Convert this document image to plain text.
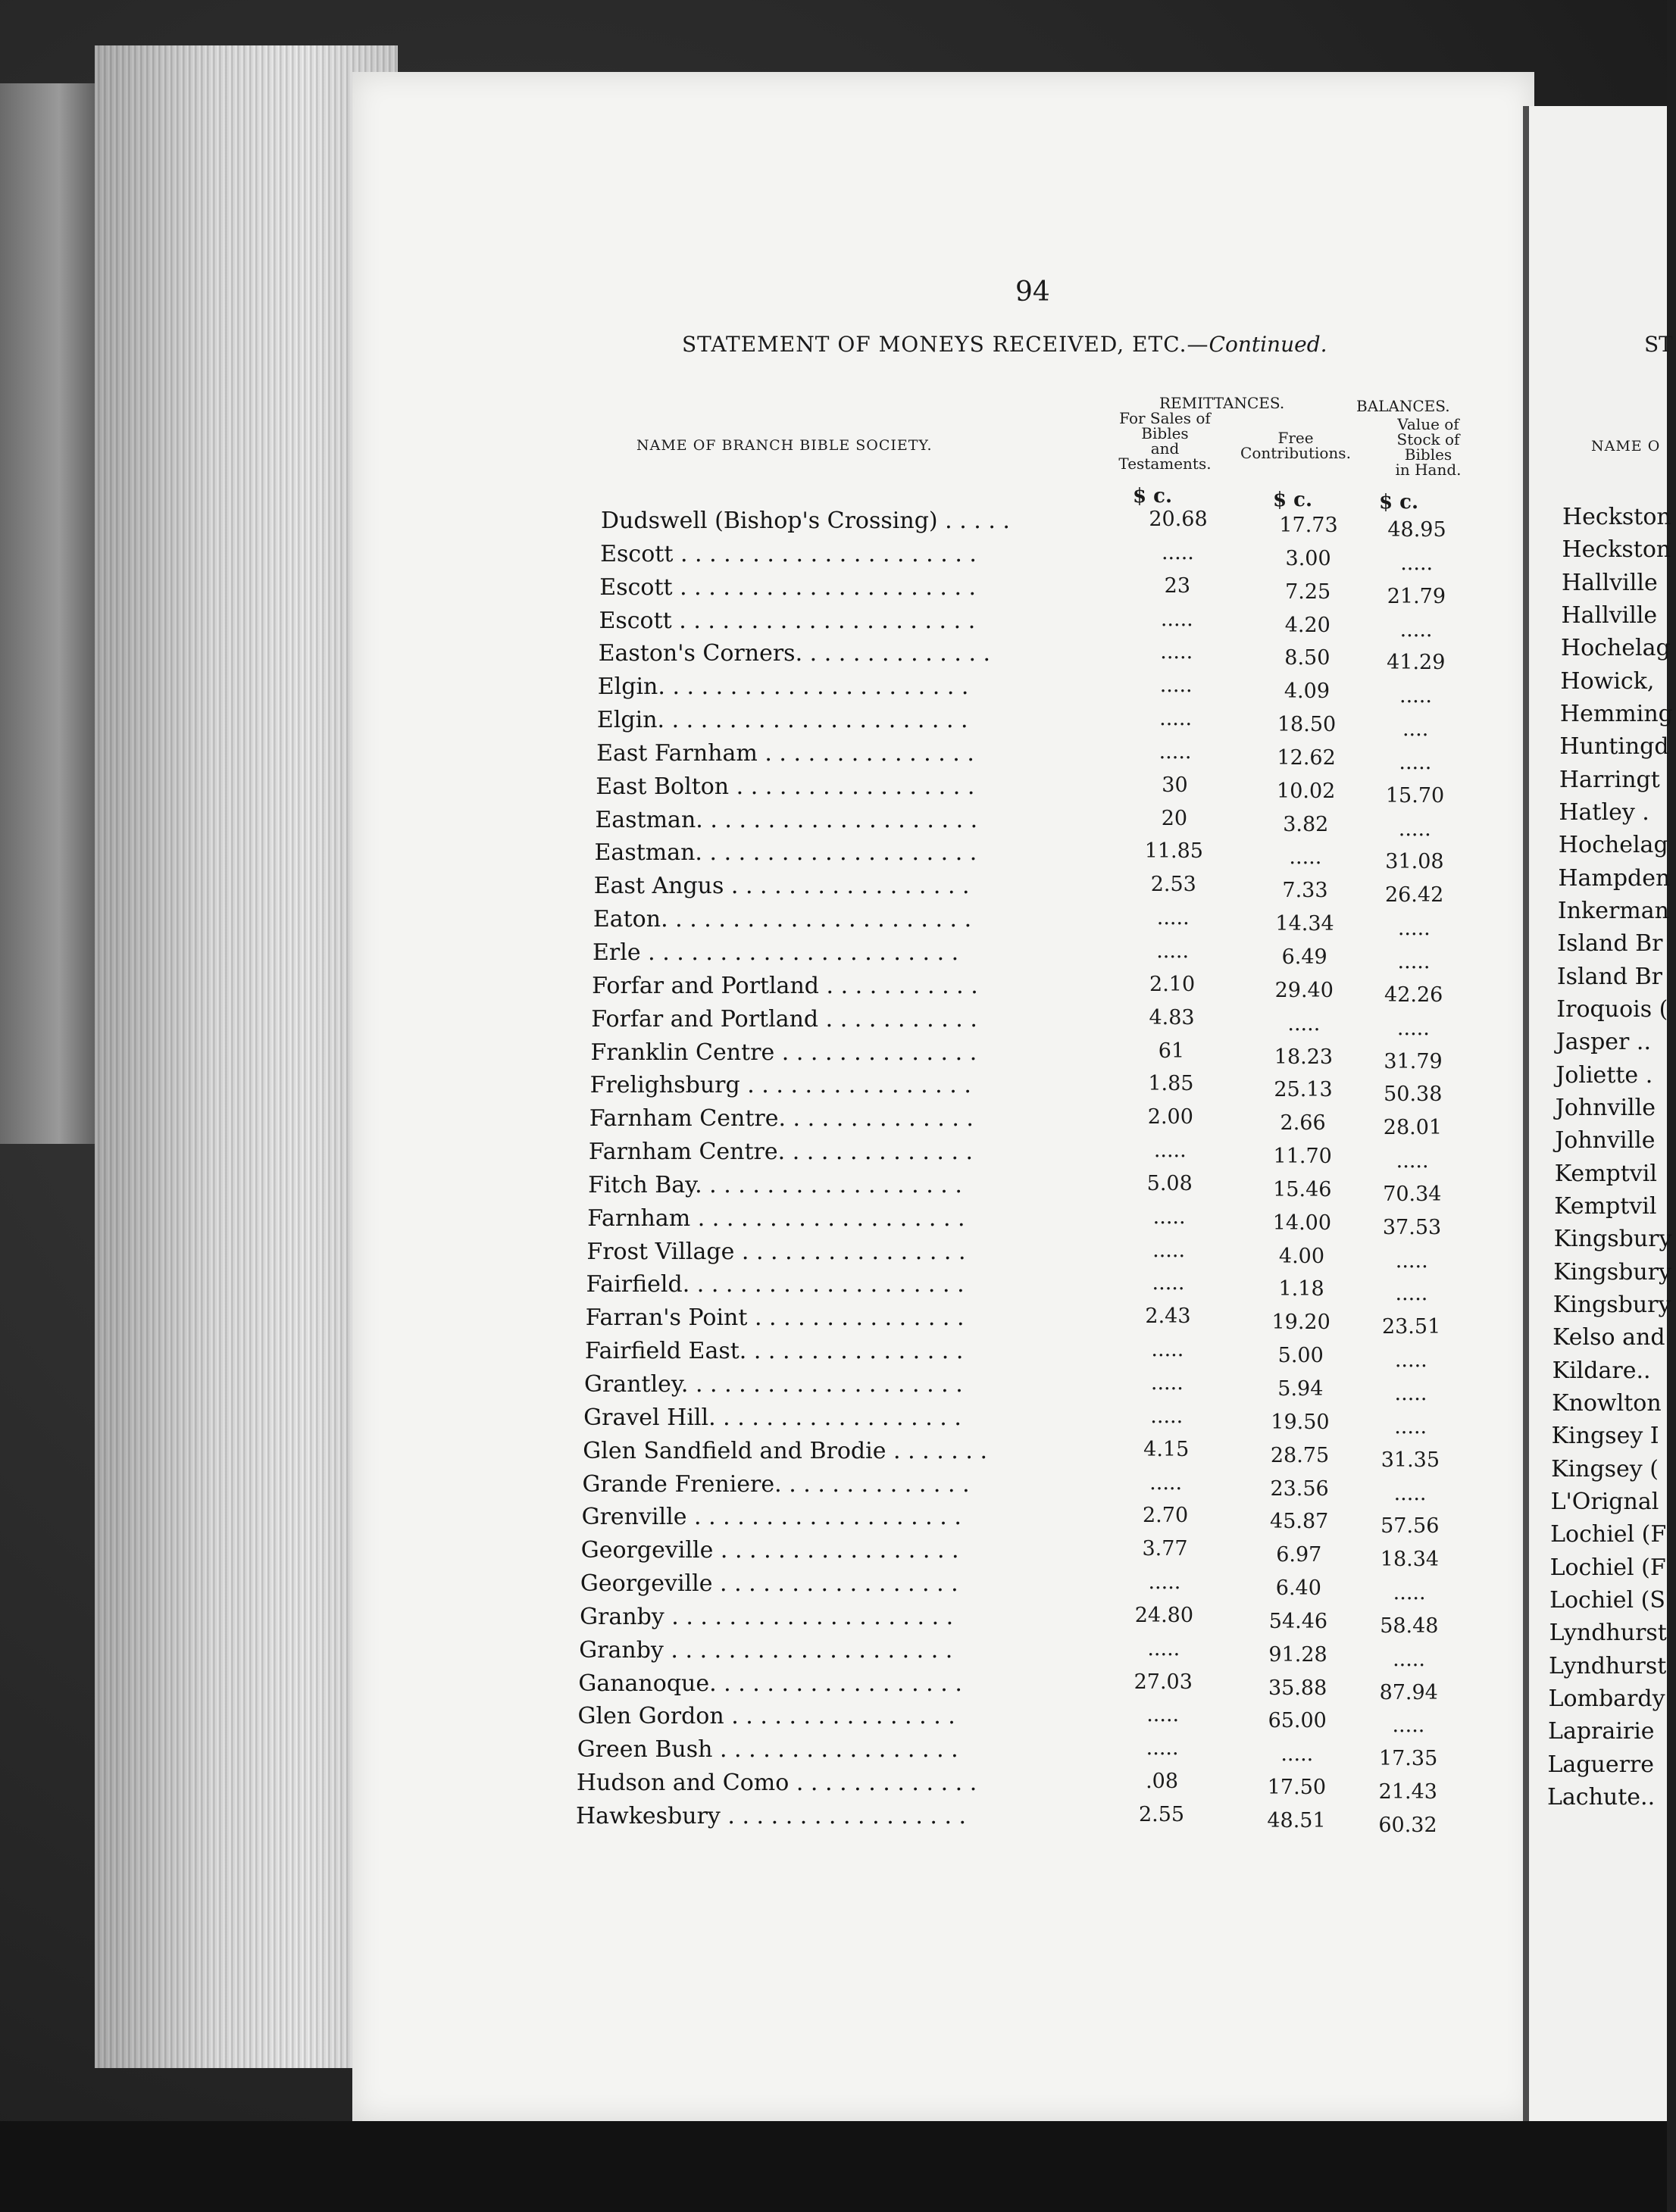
94
STATEMENT OF MONEYS RECEIVED, ETC.—Continued.
NAME OF BRANCH BIBLE SOCIETY.
REMITTANCES.	BALANCES.
For Sales of
Bibles
and
Testaments.
Free
Contributions.
Value of
Stock of
Bibles
in Hand.
$ c.	$ c.	$ c.
Dudswell (Bishop's Crossing) . . . . .	20.68	17.73	48.95
Escott . . . . . . . . . . . . . . . . . . . . .	.....	3.00	.....
Escott . . . . . . . . . . . . . . . . . . . . .	23	7.25	21.79
Escott . . . . . . . . . . . . . . . . . . . . .	.....	4.20	.....
Easton's Corners. . . . . . . . . . . . . .	.....	8.50	41.29
Elgin. . . . . . . . . . . . . . . . . . . . . .	.....	4.09	.....
Elgin. . . . . . . . . . . . . . . . . . . . . .	.....	18.50	....
East Farnham . . . . . . . . . . . . . . .	.....	12.62	.....
East Bolton . . . . . . . . . . . . . . . . .	30	10.02	15.70
Eastman. . . . . . . . . . . . . . . . . . . .	20	3.82	.....
Eastman. . . . . . . . . . . . . . . . . . . .	11.85	.....	31.08
East Angus . . . . . . . . . . . . . . . . .	2.53	7.33	26.42
Eaton. . . . . . . . . . . . . . . . . . . . . .	.....	14.34	.....
Erle . . . . . . . . . . . . . . . . . . . . . .	.....	6.49	.....
Forfar and Portland . . . . . . . . . . .	2.10	29.40	42.26
Forfar and Portland . . . . . . . . . . .	4.83	.....	.....
Franklin Centre . . . . . . . . . . . . . .	61	18.23	31.79
Frelighsburg . . . . . . . . . . . . . . . .	1.85	25.13	50.38
Farnham Centre. . . . . . . . . . . . . .	2.00	2.66	28.01
Farnham Centre. . . . . . . . . . . . . .	.....	11.70	.....
Fitch Bay. . . . . . . . . . . . . . . . . . .	5.08	15.46	70.34
Farnham . . . . . . . . . . . . . . . . . . .	.....	14.00	37.53
Frost Village . . . . . . . . . . . . . . . .	.....	4.00	.....
Fairfield. . . . . . . . . . . . . . . . . . . .	.....	1.18	.....
Farran's Point . . . . . . . . . . . . . . .	2.43	19.20	23.51
Fairfield East. . . . . . . . . . . . . . . .	.....	5.00	.....
Grantley. . . . . . . . . . . . . . . . . . . .	.....	5.94	.....
Gravel Hill. . . . . . . . . . . . . . . . . .	.....	19.50	.....
Glen Sandfield and Brodie . . . . . . .	4.15	28.75	31.35
Grande Freniere. . . . . . . . . . . . . .	.....	23.56	.....
Grenville . . . . . . . . . . . . . . . . . . .	2.70	45.87	57.56
Georgeville . . . . . . . . . . . . . . . . .	3.77	6.97	18.34
Georgeville . . . . . . . . . . . . . . . . .	.....	6.40	.....
Granby . . . . . . . . . . . . . . . . . . . .	24.80	54.46	58.48
Granby . . . . . . . . . . . . . . . . . . . .	.....	91.28	.....
Gananoque. . . . . . . . . . . . . . . . . .	27.03	35.88	87.94
Glen Gordon . . . . . . . . . . . . . . . .	.....	65.00	.....
Green Bush . . . . . . . . . . . . . . . . .	.....	.....	17.35
Hudson and Como . . . . . . . . . . . . .	.08	17.50	21.43
Hawkesbury . . . . . . . . . . . . . . . . .	2.55	48.51	60.32
ST
NAME O
Heckston
Heckston
Hallville
Hallville
Hochelag
Howick,
Hemming
Huntingd
Harringt
Hatley .
Hochelag
Hampden
Inkerman
Island Br
Island Br
Iroquois (
Jasper ..
Joliette .
Johnville
Johnville
Kemptvil
Kemptvil
Kingsbury
Kingsbury
Kingsbury
Kelso and
Kildare..
Knowlton
Kingsey I
Kingsey (
L'Orignal
Lochiel (F
Lochiel (F
Lochiel (S
Lyndhurst
Lyndhurst
Lombardy
Laprairie
Laguerre
Lachute..
